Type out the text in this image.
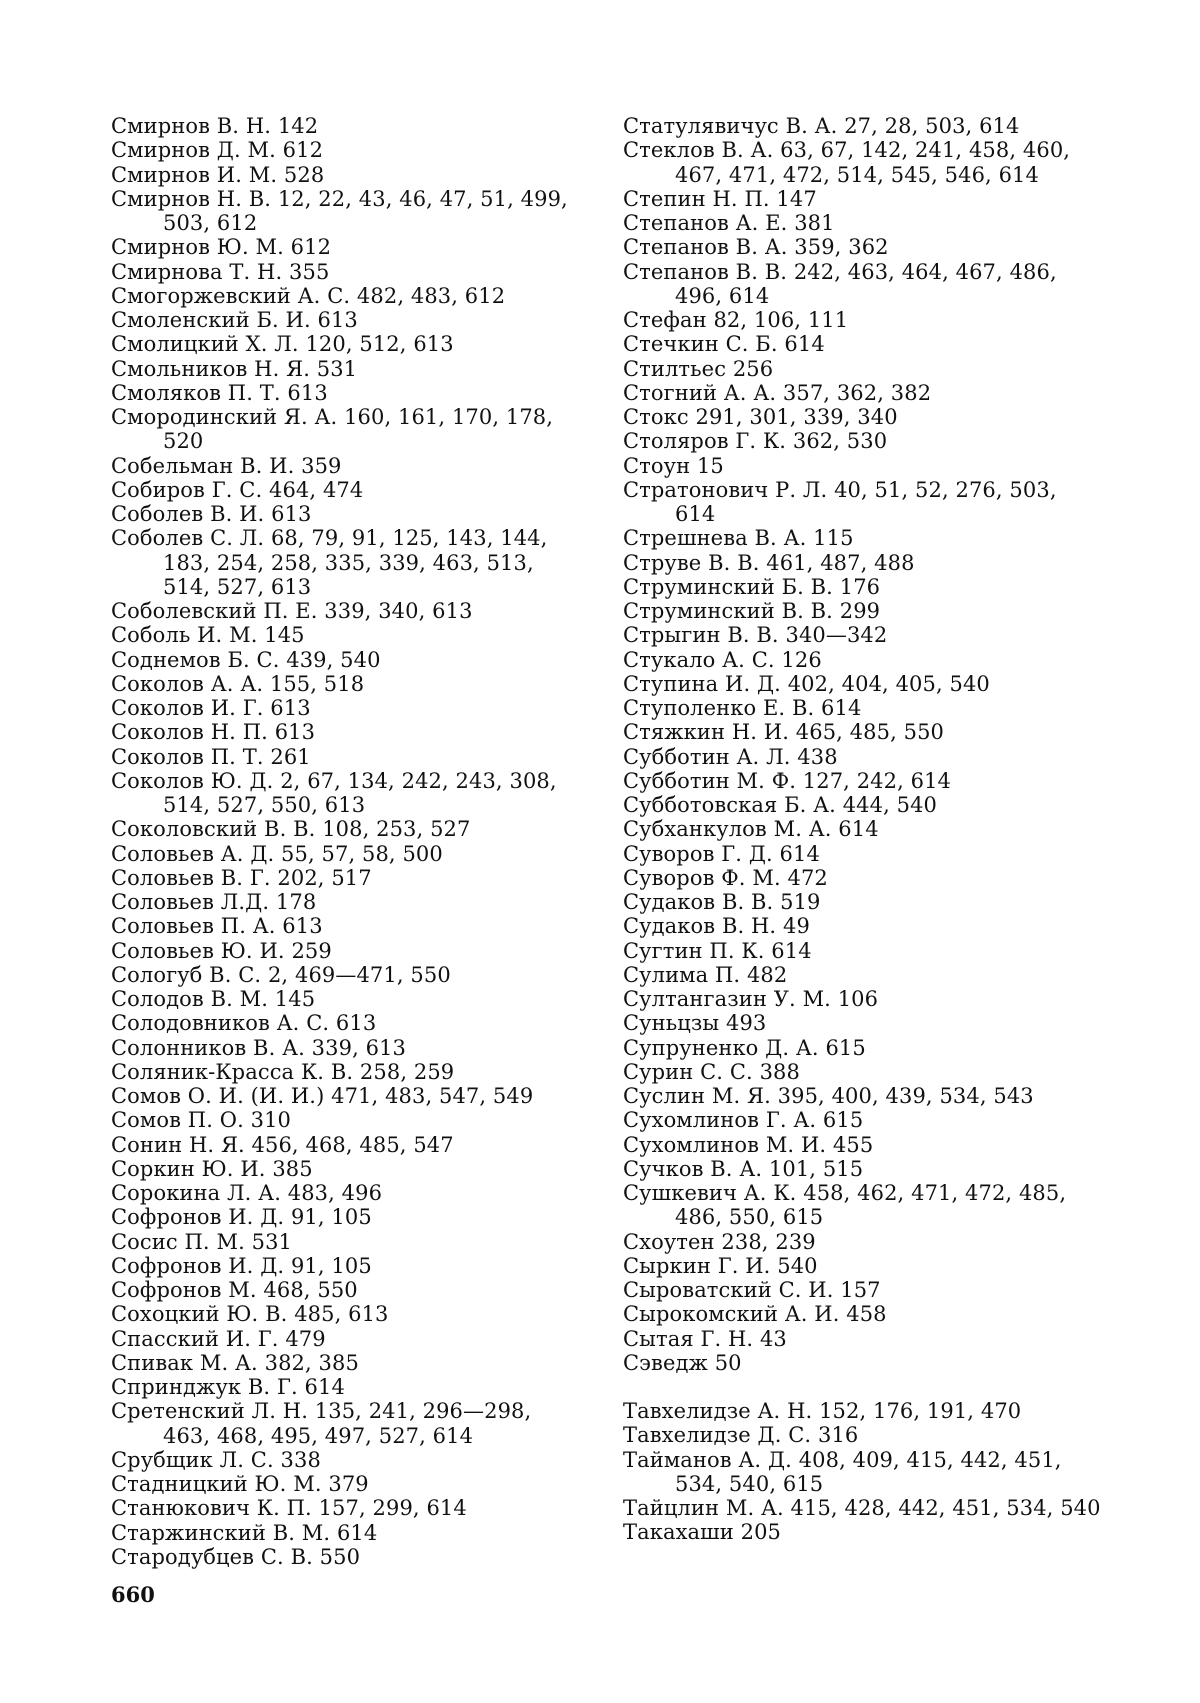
Смирнов В. Н. 142
Смирнов Д. М. 612
Смирнов И. М. 528
Смирнов Н. В. 12, 22, 43, 46, 47, 51, 499, 503, 612
Смирнов Ю. М. 612
Смирнова Т. Н. 355
Смогоржевский А. С. 482, 483, 612
Смоленский Б. И. 613
Смолицкий Х. Л. 120, 512, 613
Смольников Н. Я. 531
Смоляков П. Т. 613
Смородинский Я. А. 160, 161, 170, 178, 520
Собельман В. И. 359
Собиров Г. С. 464, 474
Соболев В. И. 613
Соболев С. Л. 68, 79, 91, 125, 143, 144, 183, 254, 258, 335, 339, 463, 513, 514, 527, 613
Соболевский П. Е. 339, 340, 613
Соболь И. М. 145
Соднемов Б. С. 439, 540
Соколов А. А. 155, 518
Соколов И. Г. 613
Соколов Н. П. 613
Соколов П. Т. 261
Соколов Ю. Д. 2, 67, 134, 242, 243, 308, 514, 527, 550, 613
Соколовский В. В. 108, 253, 527
Соловьев А. Д. 55, 57, 58, 500
Соловьев В. Г. 202, 517
Соловьев Л.Д. 178
Соловьев П. А. 613
Соловьев Ю. И. 259
Сологуб В. С. 2, 469—471, 550
Солодов В. М. 145
Солодовников А. С. 613
Солонников В. А. 339, 613
Соляник-Красса К. В. 258, 259
Сомов О. И. (И. И.) 471, 483, 547, 549
Сомов П. О. 310
Сонин Н. Я. 456, 468, 485, 547
Соркин Ю. И. 385
Сорокина Л. А. 483, 496
Софронов И. Д. 91, 105
Сосис П. М. 531
Софронов И. Д. 91, 105
Софронов М. 468, 550
Сохоцкий Ю. В. 485, 613
Спасский И. Г. 479
Спивак М. А. 382, 385
Спринджук В. Г. 614
Сретенский Л. Н. 135, 241, 296—298, 463, 468, 495, 497, 527, 614
Срубщик Л. С. 338
Стадницкий Ю. М. 379
Станюкович К. П. 157, 299, 614
Старжинский В. М. 614
Стародубцев С. В. 550
Статулявичус В. А. 27, 28, 503, 614
Стеклов В. А. 63, 67, 142, 241, 458, 460, 467, 471, 472, 514, 545, 546, 614
Степин Н. П. 147
Степанов А. Е. 381
Степанов В. А. 359, 362
Степанов В. В. 242, 463, 464, 467, 486, 496, 614
Стефан 82, 106, 111
Стечкин С. Б. 614
Стилтьес 256
Стогний А. А. 357, 362, 382
Стокс 291, 301, 339, 340
Столяров Г. К. 362, 530
Стоун 15
Стратонович Р. Л. 40, 51, 52, 276, 503, 614
Стрешнева В. А. 115
Струве В. В. 461, 487, 488
Струминский Б. В. 176
Струминский В. В. 299
Стрыгин В. В. 340—342
Стукало А. С. 126
Ступина И. Д. 402, 404, 405, 540
Ступоленко Е. В. 614
Стяжкин Н. И. 465, 485, 550
Субботин А. Л. 438
Субботин М. Ф. 127, 242, 614
Субботовская Б. А. 444, 540
Субханкулов М. А. 614
Суворов Г. Д. 614
Суворов Ф. М. 472
Судаков В. В. 519
Судаков В. Н. 49
Сугтин П. К. 614
Сулима П. 482
Султангазин У. М. 106
Суньцзы 493
Супруненко Д. А. 615
Сурин С. С. 388
Суслин М. Я. 395, 400, 439, 534, 543
Сухомлинов Г. А. 615
Сухомлинов М. И. 455
Сучков В. А. 101, 515
Сушкевич А. К. 458, 462, 471, 472, 485, 486, 550, 615
Схоутен 238, 239
Сыркин Г. И. 540
Сыроватский С. И. 157
Сырокомский А. И. 458
Сытая Г. Н. 43
Сэведж 50
Тавхелидзе А. Н. 152, 176, 191, 470
Тавхелидзе Д. С. 316
Тайманов А. Д. 408, 409, 415, 442, 451, 534, 540, 615
Тайцлин М. А. 415, 428, 442, 451, 534, 540
Такахаши 205
660
